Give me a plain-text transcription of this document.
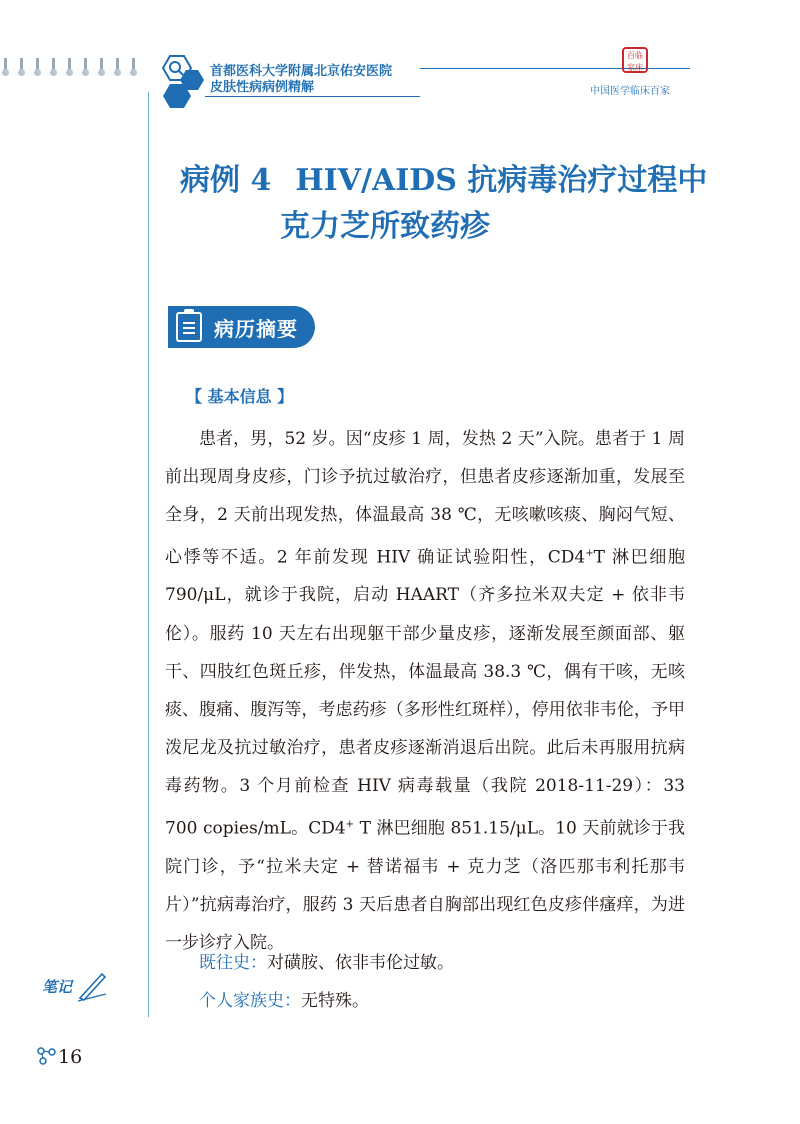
首都医科大学附属北京佑安医院
皮肤性病病例精解
百临家床
中国医学临床百家
病例 4 HIV/AIDS 抗病毒治疗过程中
克力芝所致药疹
病历摘要
【 基本信息 】

患者，男，52 岁。因“皮疹 1 周，发热 2 天”入院。患者于 1 周前出现周身皮疹，门诊予抗过敏治疗，但患者皮疹逐渐加重，发展至全身，2 天前出现发热，体温最高 38 ℃，无咳嗽咳痰、胸闷气短、心悸等不适。2 年前发现 HIV 确证试验阳性，CD4+T 淋巴细胞 790/μL，就诊于我院，启动 HAART（齐多拉米双夫定 + 依非韦伦）。服药 10 天左右出现躯干部少量皮疹，逐渐发展至颜面部、躯干、四肢红色斑丘疹，伴发热，体温最高 38.3 ℃，偶有干咳，无咳痰、腹痛、腹泻等，考虑药疹（多形性红斑样），停用依非韦伦，予甲泼尼龙及抗过敏治疗，患者皮疹逐渐消退后出院。此后未再服用抗病毒药物。3 个月前检查 HIV 病毒载量（我院 2018-11-29）：33 700 copies/mL。CD4+ T 淋巴细胞 851.15/μL。10 天前就诊于我院门诊，予“拉米夫定 + 替诺福韦 + 克力芝（洛匹那韦利托那韦片）”抗病毒治疗，服药 3 天后患者自胸部出现红色皮疹伴瘙痒，为进一步诊疗入院。

既往史：对磺胺、依非韦伦过敏。
个人家族史：无特殊。
笔记
16
